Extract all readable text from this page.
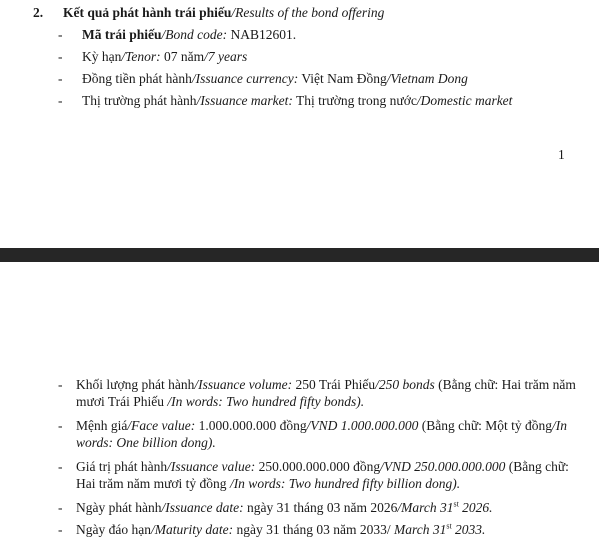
2. Kết quả phát hành trái phiếu/Results of the bond offering
- Mã trái phiếu/Bond code: NAB12601.
- Kỳ hạn/Tenor: 07 năm/7 years
- Đồng tiền phát hành/Issuance currency: Việt Nam Đồng/Vietnam Dong
- Thị trường phát hành/Issuance market: Thị trường trong nước/Domestic market
1
- Khối lượng phát hành/Issuance volume: 250 Trái Phiếu/250 bonds (Bằng chữ: Hai trăm năm mươi Trái Phiếu /In words: Two hundred fifty bonds).
- Mệnh giá/Face value: 1.000.000.000 đồng/VND 1.000.000.000 (Bằng chữ: Một tỷ đồng/In words: One billion dong).
- Giá trị phát hành/Issuance value: 250.000.000.000 đồng/VND 250.000.000.000 (Bằng chữ: Hai trăm năm mươi tỷ đồng /In words: Two hundred fifty billion dong).
- Ngày phát hành/Issuance date: ngày 31 tháng 03 năm 2026/March 31st 2026.
- Ngày đáo hạn/Maturity date: ngày 31 tháng 03 năm 2033/ March 31st 2033.
